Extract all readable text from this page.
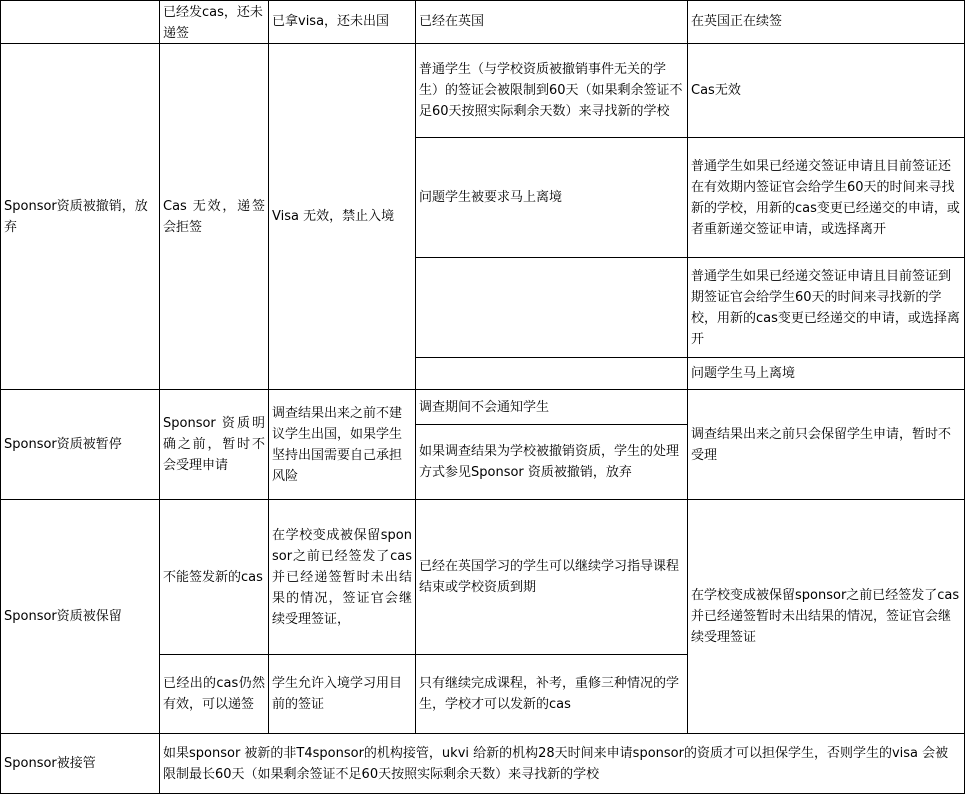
已经发cas，还未递签
已拿visa，还未出国	已经在英国	在英国正在续签
Sponsor资质被撤销，放弃
Cas 无效，递签会拒签
Visa 无效，禁止入境
普通学生（与学校资质被撤销事件无关的学生）的签证会被限制到60天（如果剩余签证不足60天按照实际剩余天数）来寻找新的学校
问题学生被要求马上离境
Cas无效
普通学生如果已经递交签证申请且目前签证还在有效期内签证官会给学生60天的时间来寻找新的学校，用新的cas变更已经递交的申请，或者重新递交签证申请，或选择离开
普通学生如果已经递交签证申请且目前签证到期签证官会给学生60天的时间来寻找新的学校，用新的cas变更已经递交的申请，或选择离开
问题学生马上离境
Sponsor资质被暂停
Sponsor 资质明确之前，暂时不会受理申请
调查结果出来之前不建议学生出国，如果学生坚持出国需要自己承担风险
调查期间不会通知学生
如果调查结果为学校被撤销资质，学生的处理方式参见Sponsor 资质被撤销，放弃
调查结果出来之前只会保留学生申请，暂时不受理
Sponsor资质被保留
不能签发新的cas
已经出的cas仍然有效，可以递签
在学校变成被保留sponsor之前已经签发了cas并已经递签暂时未出结果的情况，签证官会继续受理签证，
学生允许入境学习用目前的签证
已经在英国学习的学生可以继续学习指导课程结束或学校资质到期
只有继续完成课程，补考，重修三种情况的学生，学校才可以发新的cas
在学校变成被保留sponsor之前已经签发了cas并已经递签暂时未出结果的情况，签证官会继续受理签证
Sponsor被接管
如果sponsor 被新的非T4sponsor的机构接管，ukvi 给新的机构28天时间来申请sponsor的资质才可以担保学生，否则学生的visa 会被限制最长60天（如果剩余签证不足60天按照实际剩余天数）来寻找新的学校
